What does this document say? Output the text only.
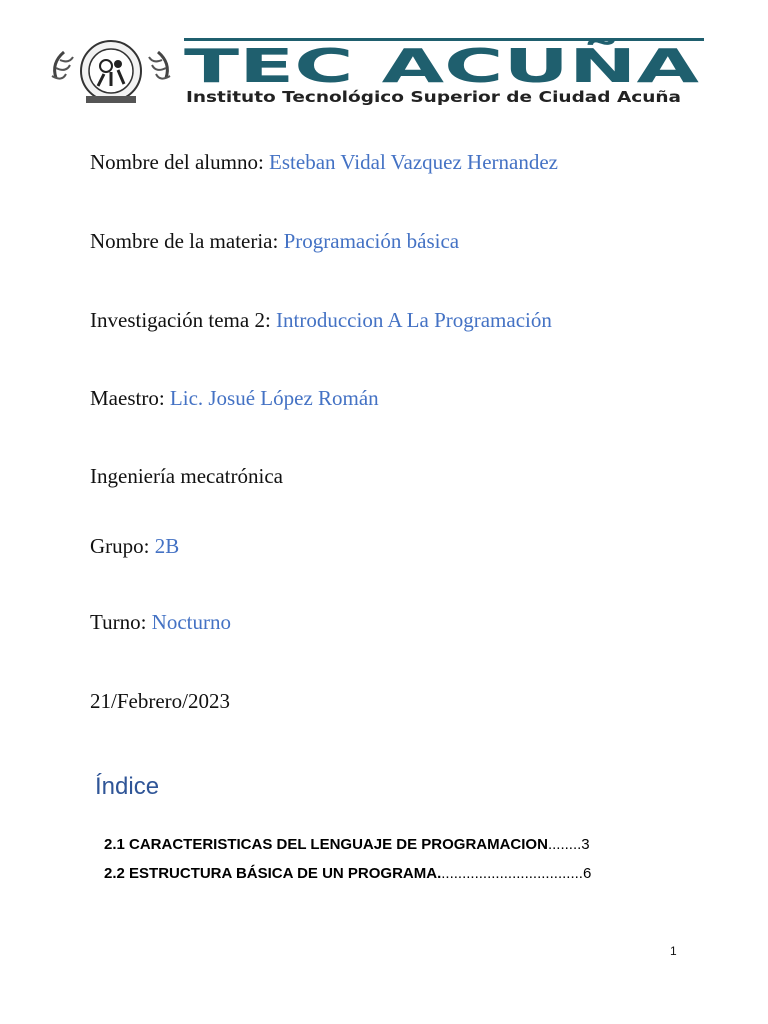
TEC ACUÑA
Instituto Tecnológico Superior de Ciudad Acuña
Nombre del alumno: Esteban Vidal Vazquez Hernandez
Nombre de la materia: Programación básica
Investigación tema 2: Introduccion A La Programación
Maestro: Lic. Josué López Román
Ingeniería mecatrónica
Grupo: 2B
Turno: Nocturno
21/Febrero/2023
Índice
2.1 CARACTERISTICAS DEL LENGUAJE DE PROGRAMACION........3
2.2 ESTRUCTURA BÁSICA DE UN PROGRAMA...................................6
1
